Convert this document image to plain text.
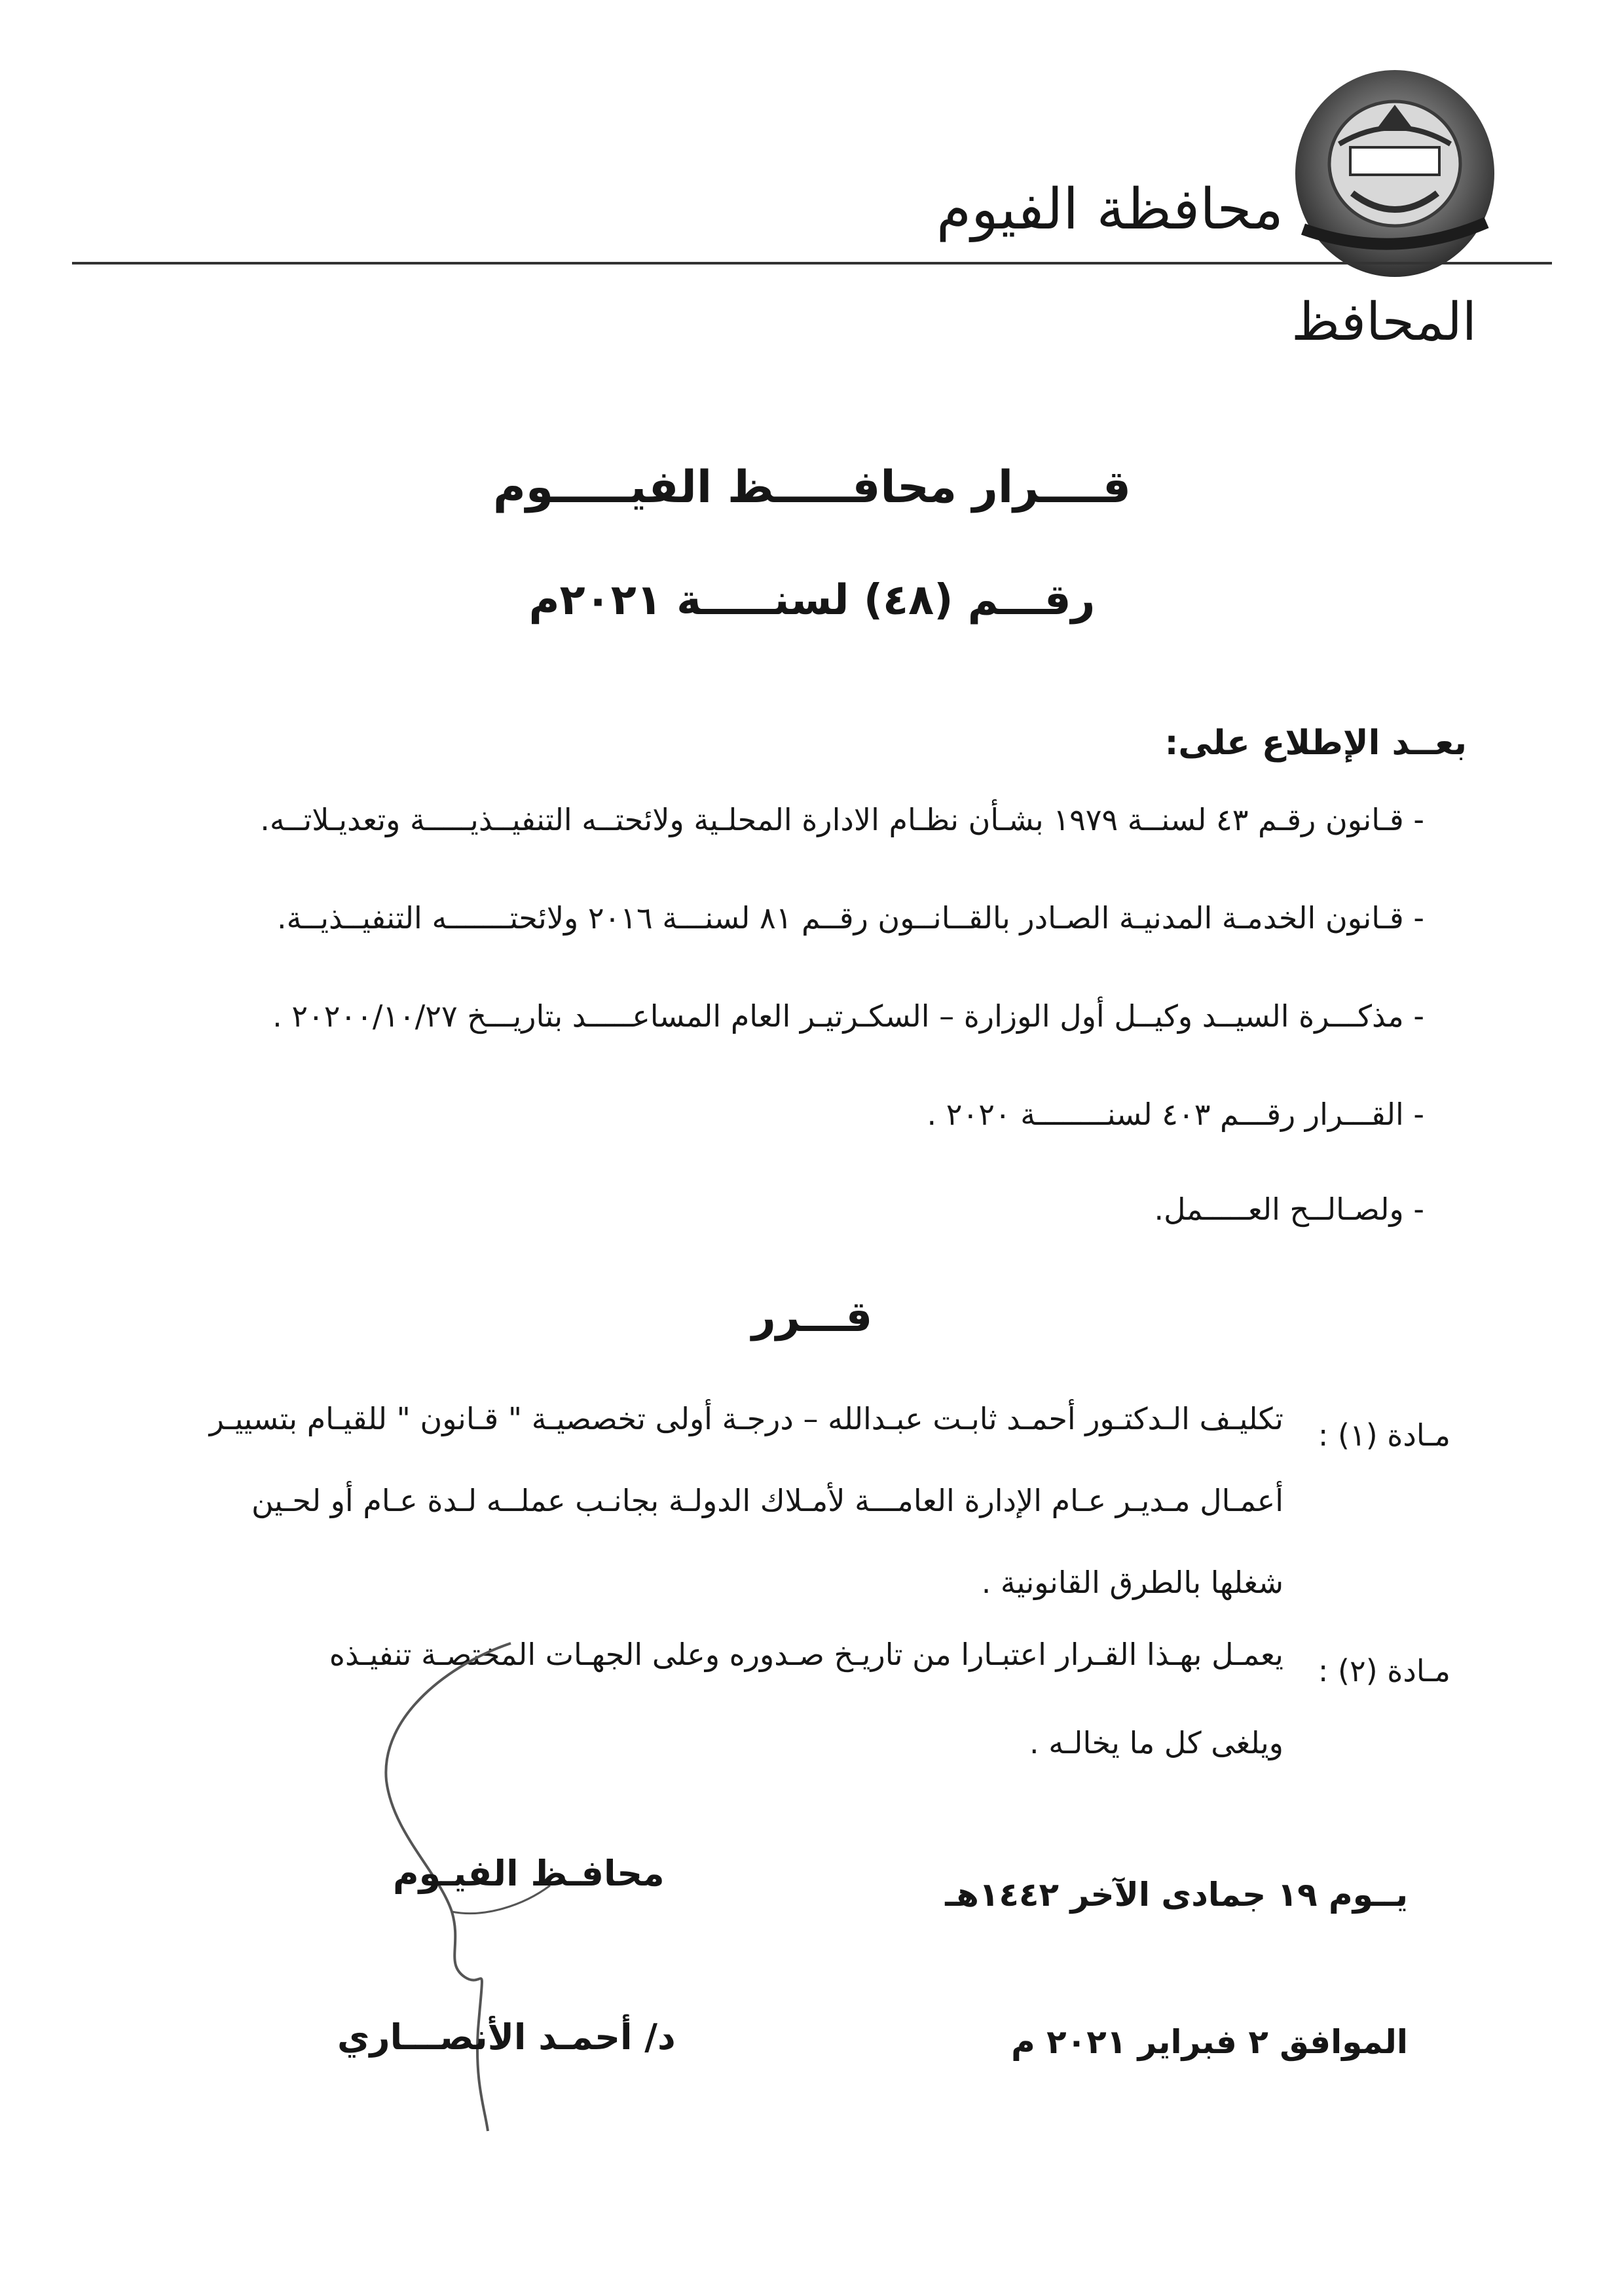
محافظة الفيوم
المحافظ
قــــرار محافـــــظ الفيـــــوم
رقـــم (٤٨) لسنـــــة ٢٠٢١م
بعــد الإطلاع على:
- قـانون رقـم ٤٣ لسنــة ١٩٧٩ بشـأن نظـام الادارة المحلـية ولائحتــه التنفيــذيـــــة وتعديـلاتــه.
- قـانون الخدمـة المدنيـة الصـادر بالقــانــون رقــم ٨١ لسنـــة ٢٠١٦ ولائحتـــــــه التنفيــذيــة.
- مذكـــرة السيــد وكيــل أول الوزارة – السكـرتيـر العام المساعـــــد بتاريـــخ ٢٠٢٠٠/١٠/٢٧ .
- القـــرار رقـــم ٤٠٣ لسنــــــــة ٢٠٢٠ .
- ولصـالــح العـــــمل.
قـــرر
مـادة (١) :
تكليـف الـدكتـور أحمـد ثابـت عبـدالله – درجـة أولى تخصصيـة " قـانون " للقيـام بتسييـر
أعمـال مـديـر عـام الإدارة العامـــة لأمـلاك الدولـة بجانـب عملــه لـدة عـام أو لحـين
شغلها بالطرق القانونية .
مـادة (٢) :
يعمـل بهـذا القـرار اعتبـارا من تاريـخ صـدوره وعلى الجهـات المختصـة تنفيـذه
ويلغى كل ما يخالـه .
محافـظ الفيـوم
د/ أحمـد الأنصـــاري
يــوم ١٩ جمادى الآخر ١٤٤٢هـ
الموافق ٢ فبراير ٢٠٢١ م
